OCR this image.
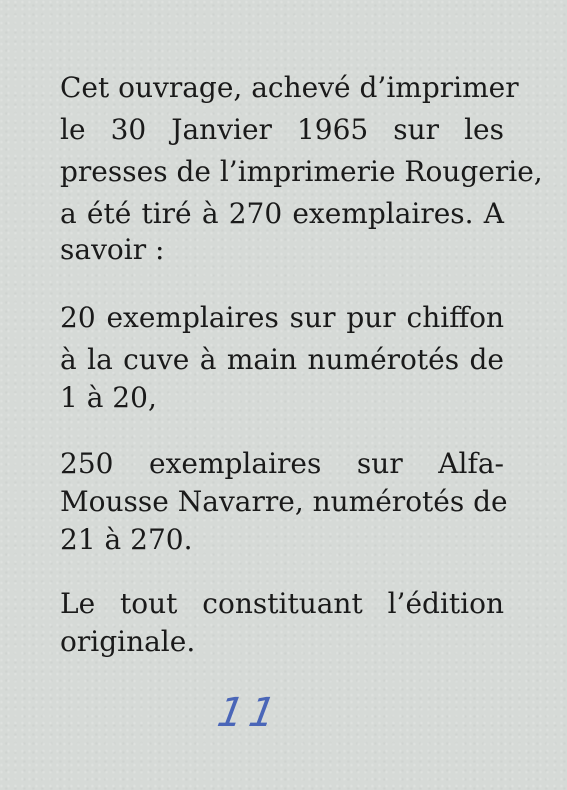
Cet ouvrage, achevé d’imprimer
le 30 Janvier 1965 sur les
presses de l’imprimerie Rougerie,
a été tiré à 270 exemplaires. A
savoir :
20 exemplaires sur pur chiffon
à la cuve à main numérotés de
1 à 20,
250 exemplaires sur Alfa-
Mousse Navarre, numérotés de
21 à 270.
Le tout constituant l’édition
originale.
11
